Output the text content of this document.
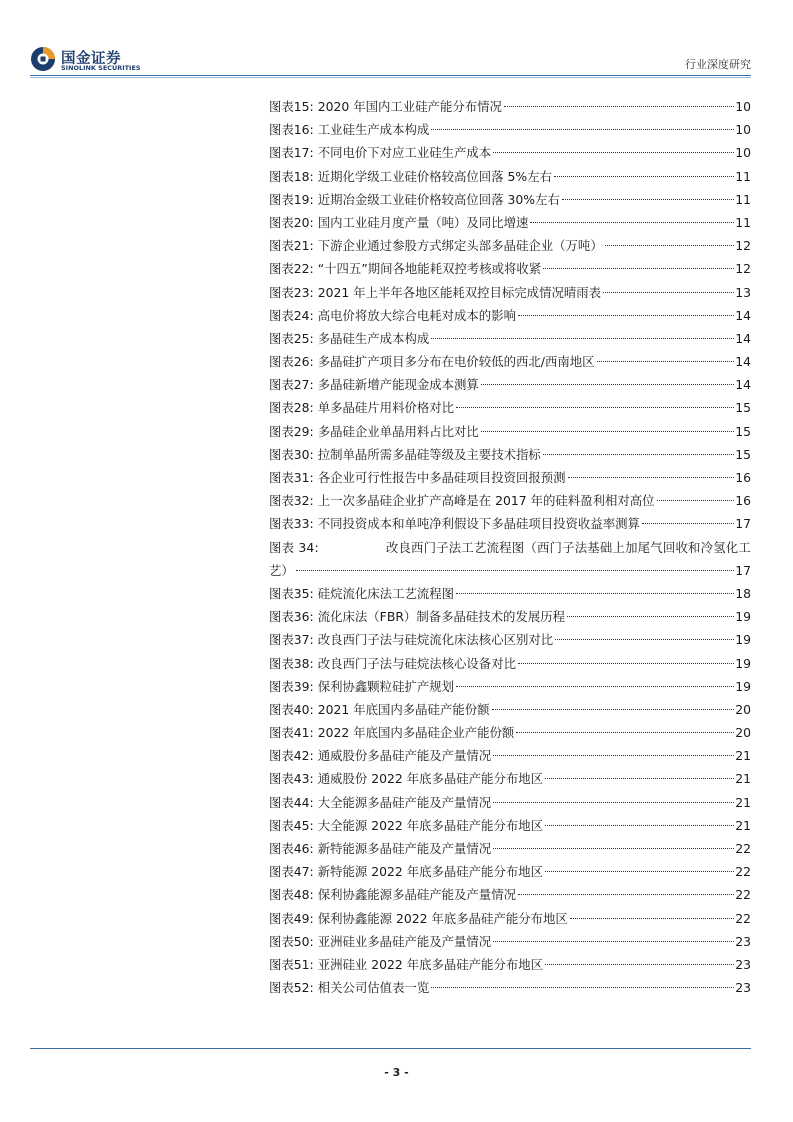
国金证券
SINOLINK SECURITIES	行业深度研究
图表15: 2020 年国内工业硅产能分布情况	10
图表16: 工业硅生产成本构成	10
图表17: 不同电价下对应工业硅生产成本	10
图表18: 近期化学级工业硅价格较高位回落 5%左右	11
图表19: 近期冶金级工业硅价格较高位回落 30%左右	11
图表20: 国内工业硅月度产量（吨）及同比增速	11
图表21: 下游企业通过参股方式绑定头部多晶硅企业（万吨）	12
图表22: “十四五”期间各地能耗双控考核或将收紧	12
图表23: 2021 年上半年各地区能耗双控目标完成情况晴雨表	13
图表24: 高电价将放大综合电耗对成本的影响	14
图表25: 多晶硅生产成本构成	14
图表26: 多晶硅扩产项目多分布在电价较低的西北/西南地区	14
图表27: 多晶硅新增产能现金成本测算	14
图表28: 单多晶硅片用料价格对比	15
图表29: 多晶硅企业单晶用料占比对比	15
图表30: 拉制单晶所需多晶硅等级及主要技术指标	15
图表31: 各企业可行性报告中多晶硅项目投资回报预测	16
图表32: 上一次多晶硅企业扩产高峰是在 2017 年的硅料盈利相对高位	16
图表33: 不同投资成本和单吨净利假设下多晶硅项目投资收益率测算	17
图表 34:	改良西门子法工艺流程图（西门子法基础上加尾气回收和冷氢化工
艺）	17
图表35: 硅烷流化床法工艺流程图	18
图表36: 流化床法（FBR）制备多晶硅技术的发展历程	19
图表37: 改良西门子法与硅烷流化床法核心区别对比	19
图表38: 改良西门子法与硅烷法核心设备对比	19
图表39: 保利协鑫颗粒硅扩产规划	19
图表40: 2021 年底国内多晶硅产能份额	20
图表41: 2022 年底国内多晶硅企业产能份额	20
图表42: 通威股份多晶硅产能及产量情况	21
图表43: 通威股份 2022 年底多晶硅产能分布地区	21
图表44: 大全能源多晶硅产能及产量情况	21
图表45: 大全能源 2022 年底多晶硅产能分布地区	21
图表46: 新特能源多晶硅产能及产量情况	22
图表47: 新特能源 2022 年底多晶硅产能分布地区	22
图表48: 保利协鑫能源多晶硅产能及产量情况	22
图表49: 保利协鑫能源 2022 年底多晶硅产能分布地区	22
图表50: 亚洲硅业多晶硅产能及产量情况	23
图表51: 亚洲硅业 2022 年底多晶硅产能分布地区	23
图表52: 相关公司估值表一览	23
- 3 -
